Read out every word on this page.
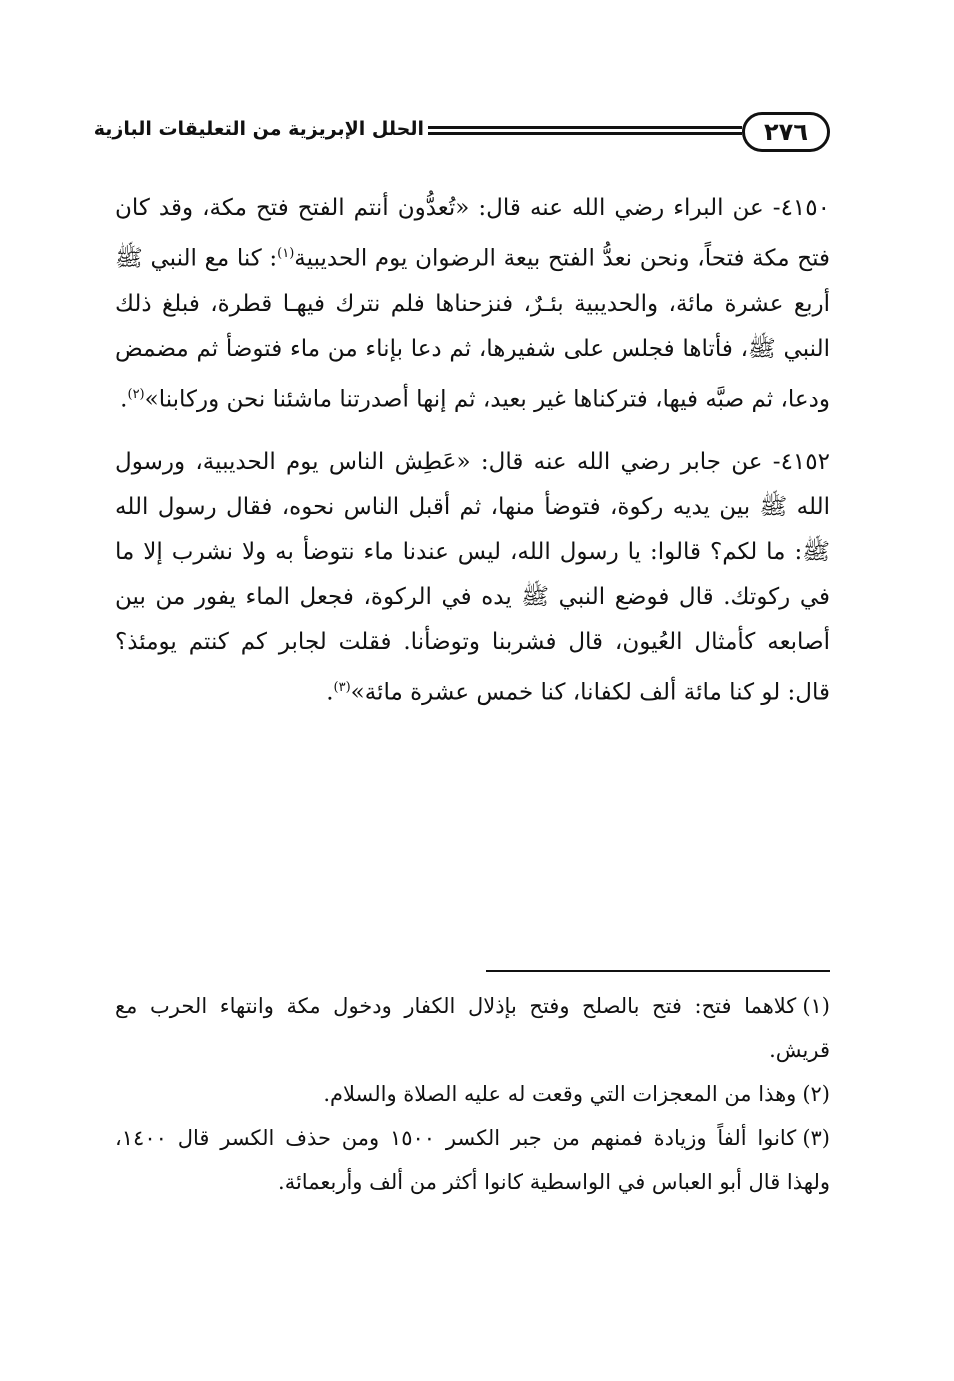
٢٧٦
الحلل الإبريزية من التعليقات البازية

٤١٥٠- عن البراء رضي الله عنه قال: «تُعدُّون أنتم الفتح فتح مكة، وقد كان فتح مكة فتحاً، ونحن نعدُّ الفتح بيعة الرضوان يوم الحديبية$^{(١)}$: كنا مع النبي ﷺ أربع عشرة مائة، والحديبية بئـرٌ، فنزحناها فلم نترك فيهـا قطرة، فبلغ ذلك النبي ﷺ، فأتاها فجلس على شفيرها، ثم دعا بإناء من ماء فتوضأ ثم مضمض ودعا، ثم صبَّه فيها، فتركناها غير بعيد، ثم إنها أصدرتنا ماشئنا نحن وركابنا»$^{(٢)}$.

٤١٥٢- عن جابر رضي الله عنه قال: «عَطِش الناس يوم الحديبية، ورسول الله ﷺ بين يديه ركوة، فتوضأ منها، ثم أقبل الناس نحوه، فقال رسول الله ﷺ: ما لكم؟ قالوا: يا رسول الله، ليس عندنا ماء نتوضأ به ولا نشرب إلا ما في ركوتك. قال فوضع النبي ﷺ يده في الركوة، فجعل الماء يفور من بين أصابعه كأمثال العُيون، قال فشربنا وتوضأنا. فقلت لجابر كم كنتم يومئذ؟ قال: لو كنا مائة ألف لكفانا، كنا خمس عشرة مائة»$^{(٣)}$.

(١)كلاهما فتح: فتح بالصلح وفتح بإذلال الكفار ودخول مكة وانتهاء الحرب مع قريش.

(٢)وهذا من المعجزات التي وقعت له عليه الصلاة والسلام.

(٣)كانوا ألفاً وزيادة فمنهم من جبر الكسر ١٥٠٠ ومن حذف الكسر قال ١٤٠٠، ولهذا قال أبو العباس في الواسطية كانوا أكثر من ألف وأربعمائة.
